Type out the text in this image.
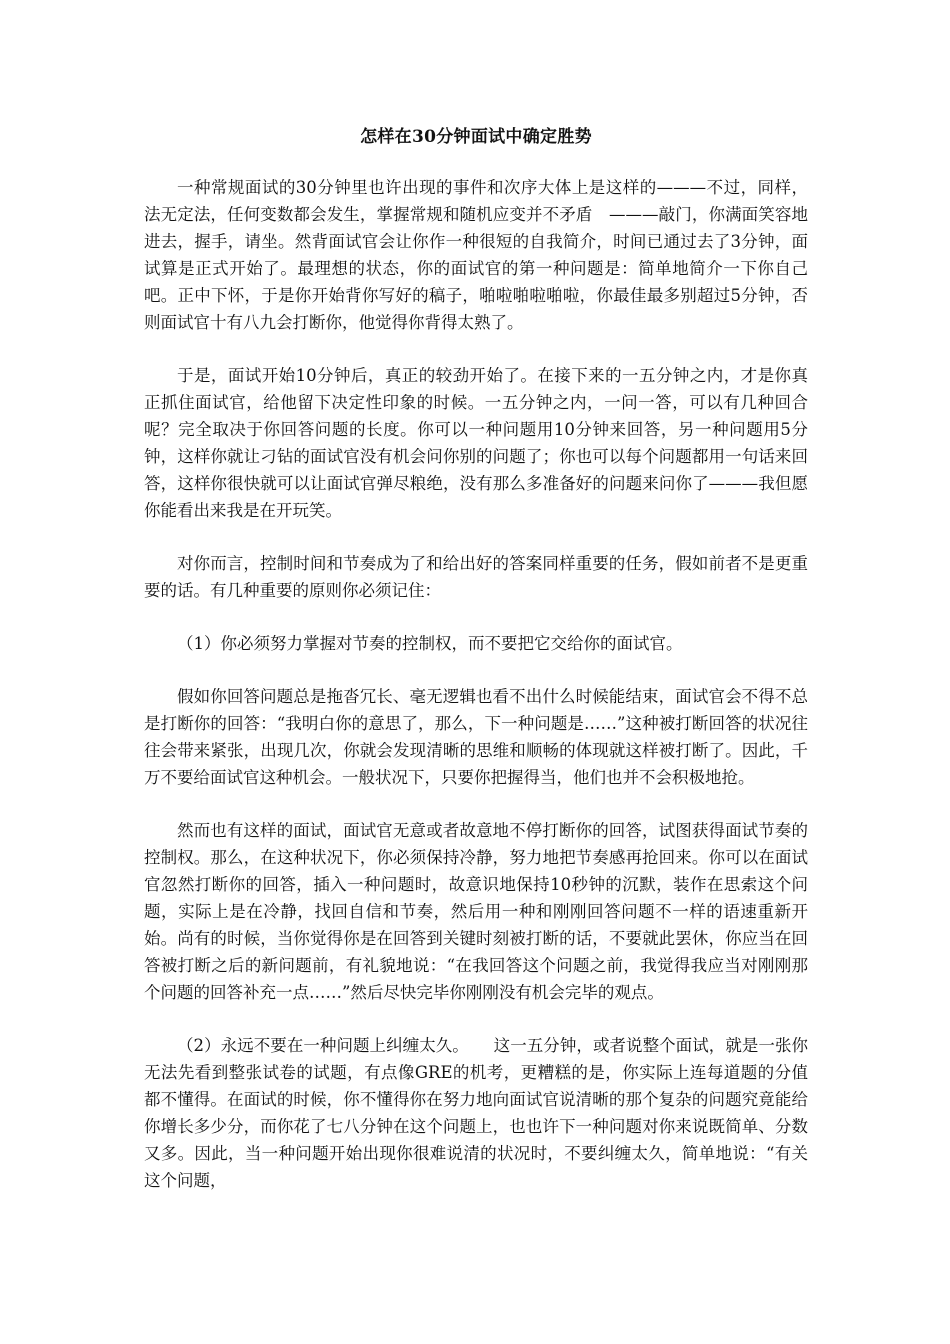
怎样在30分钟面试中确定胜势

一种常规面试的30分钟里也许出现的事件和次序大体上是这样的———不过，同样，法无定法，任何变数都会发生，掌握常规和随机应变并不矛盾　———敲门，你满面笑容地进去，握手，请坐。然背面试官会让你作一种很短的自我简介，时间已通过去了3分钟，面试算是正式开始了。最理想的状态，你的面试官的第一种问题是：简单地简介一下你自己吧。正中下怀，于是你开始背你写好的稿子，啪啦啪啦啪啦，你最佳最多别超过5分钟，否则面试官十有八九会打断你，他觉得你背得太熟了。

于是，面试开始10分钟后，真正的较劲开始了。在接下来的一五分钟之内，才是你真正抓住面试官，给他留下决定性印象的时候。一五分钟之内，一问一答，可以有几种回合呢？完全取决于你回答问题的长度。你可以一种问题用10分钟来回答，另一种问题用5分钟，这样你就让刁钻的面试官没有机会问你别的问题了；你也可以每个问题都用一句话来回答，这样你很快就可以让面试官弹尽粮绝，没有那么多准备好的问题来问你了———我但愿你能看出来我是在开玩笑。

对你而言，控制时间和节奏成为了和给出好的答案同样重要的任务，假如前者不是更重要的话。有几种重要的原则你必须记住：

（1）你必须努力掌握对节奏的控制权，而不要把它交给你的面试官。

假如你回答问题总是拖沓冗长、毫无逻辑也看不出什么时候能结束，面试官会不得不总是打断你的回答：“我明白你的意思了，那么，下一种问题是……”这种被打断回答的状况往往会带来紧张，出现几次，你就会发现清晰的思维和顺畅的体现就这样被打断了。因此，千万不要给面试官这种机会。一般状况下，只要你把握得当，他们也并不会积极地抢。

然而也有这样的面试，面试官无意或者故意地不停打断你的回答，试图获得面试节奏的控制权。那么，在这种状况下，你必须保持冷静，努力地把节奏感再抢回来。你可以在面试官忽然打断你的回答，插入一种问题时，故意识地保持10秒钟的沉默，装作在思索这个问题，实际上是在冷静，找回自信和节奏，然后用一种和刚刚回答问题不一样的语速重新开始。尚有的时候，当你觉得你是在回答到关键时刻被打断的话，不要就此罢休，你应当在回答被打断之后的新问题前，有礼貌地说：“在我回答这个问题之前，我觉得我应当对刚刚那个问题的回答补充一点……”然后尽快完毕你刚刚没有机会完毕的观点。

（2）永远不要在一种问题上纠缠太久。　　这一五分钟，或者说整个面试，就是一张你无法先看到整张试卷的试题，有点像GRE的机考，更糟糕的是，你实际上连每道题的分值都不懂得。在面试的时候，你不懂得你在努力地向面试官说清晰的那个复杂的问题究竟能给你增长多少分，而你花了七八分钟在这个问题上，也也许下一种问题对你来说既简单、分数又多。因此，当一种问题开始出现你很难说清的状况时，不要纠缠太久，简单地说：“有关这个问题，
